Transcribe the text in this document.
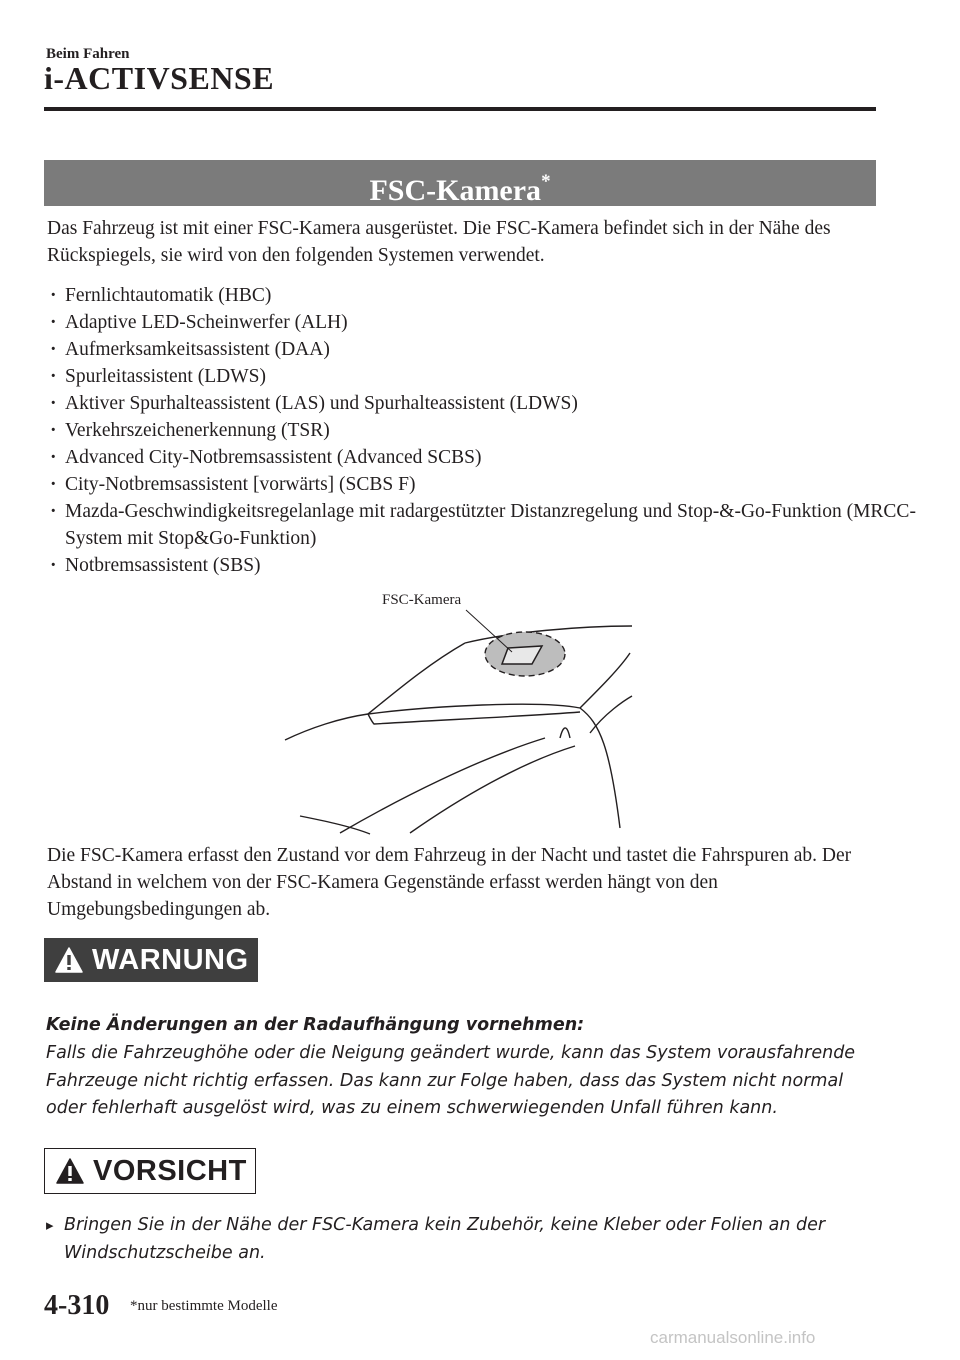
Beim Fahren
i-ACTIVSENSE
FSC-Kamera*

Das Fahrzeug ist mit einer FSC-Kamera ausgerüstet. Die FSC-Kamera befindet sich in der Nähe des Rückspiegels, sie wird von den folgenden Systemen verwendet.

· Fernlichtautomatik (HBC)
· Adaptive LED-Scheinwerfer (ALH)
· Aufmerksamkeitsassistent (DAA)
· Spurleitassistent (LDWS)
· Aktiver Spurhalteassistent (LAS) und Spurhalteassistent (LDWS)
· Verkehrszeichenerkennung (TSR)
· Advanced City-Notbremsassistent (Advanced SCBS)
· City-Notbremsassistent [vorwärts] (SCBS F)
· Mazda-Geschwindigkeitsregelanlage mit radargestützter Distanzregelung und Stop-&-Go-Funktion (MRCC-System mit Stop&Go-Funktion)
· Notbremsassistent (SBS)
FSC-Kamera

Die FSC-Kamera erfasst den Zustand vor dem Fahrzeug in der Nacht und tastet die Fahrspuren ab. Der Abstand in welchem von der FSC-Kamera Gegenstände erfasst werden hängt von den Umgebungsbedingungen ab.

WARNUNG

Keine Änderungen an der Radaufhängung vornehmen:

Falls die Fahrzeughöhe oder die Neigung geändert wurde, kann das System vorausfahrende Fahrzeuge nicht richtig erfassen. Das kann zur Folge haben, dass das System nicht normal oder fehlerhaft ausgelöst wird, was zu einem schwerwiegenden Unfall führen kann.

VORSICHT

▸ Bringen Sie in der Nähe der FSC-Kamera kein Zubehör, keine Kleber oder Folien an der Windschutzscheibe an.

4-310 *nur bestimmte Modelle
carmanualsonline.info
